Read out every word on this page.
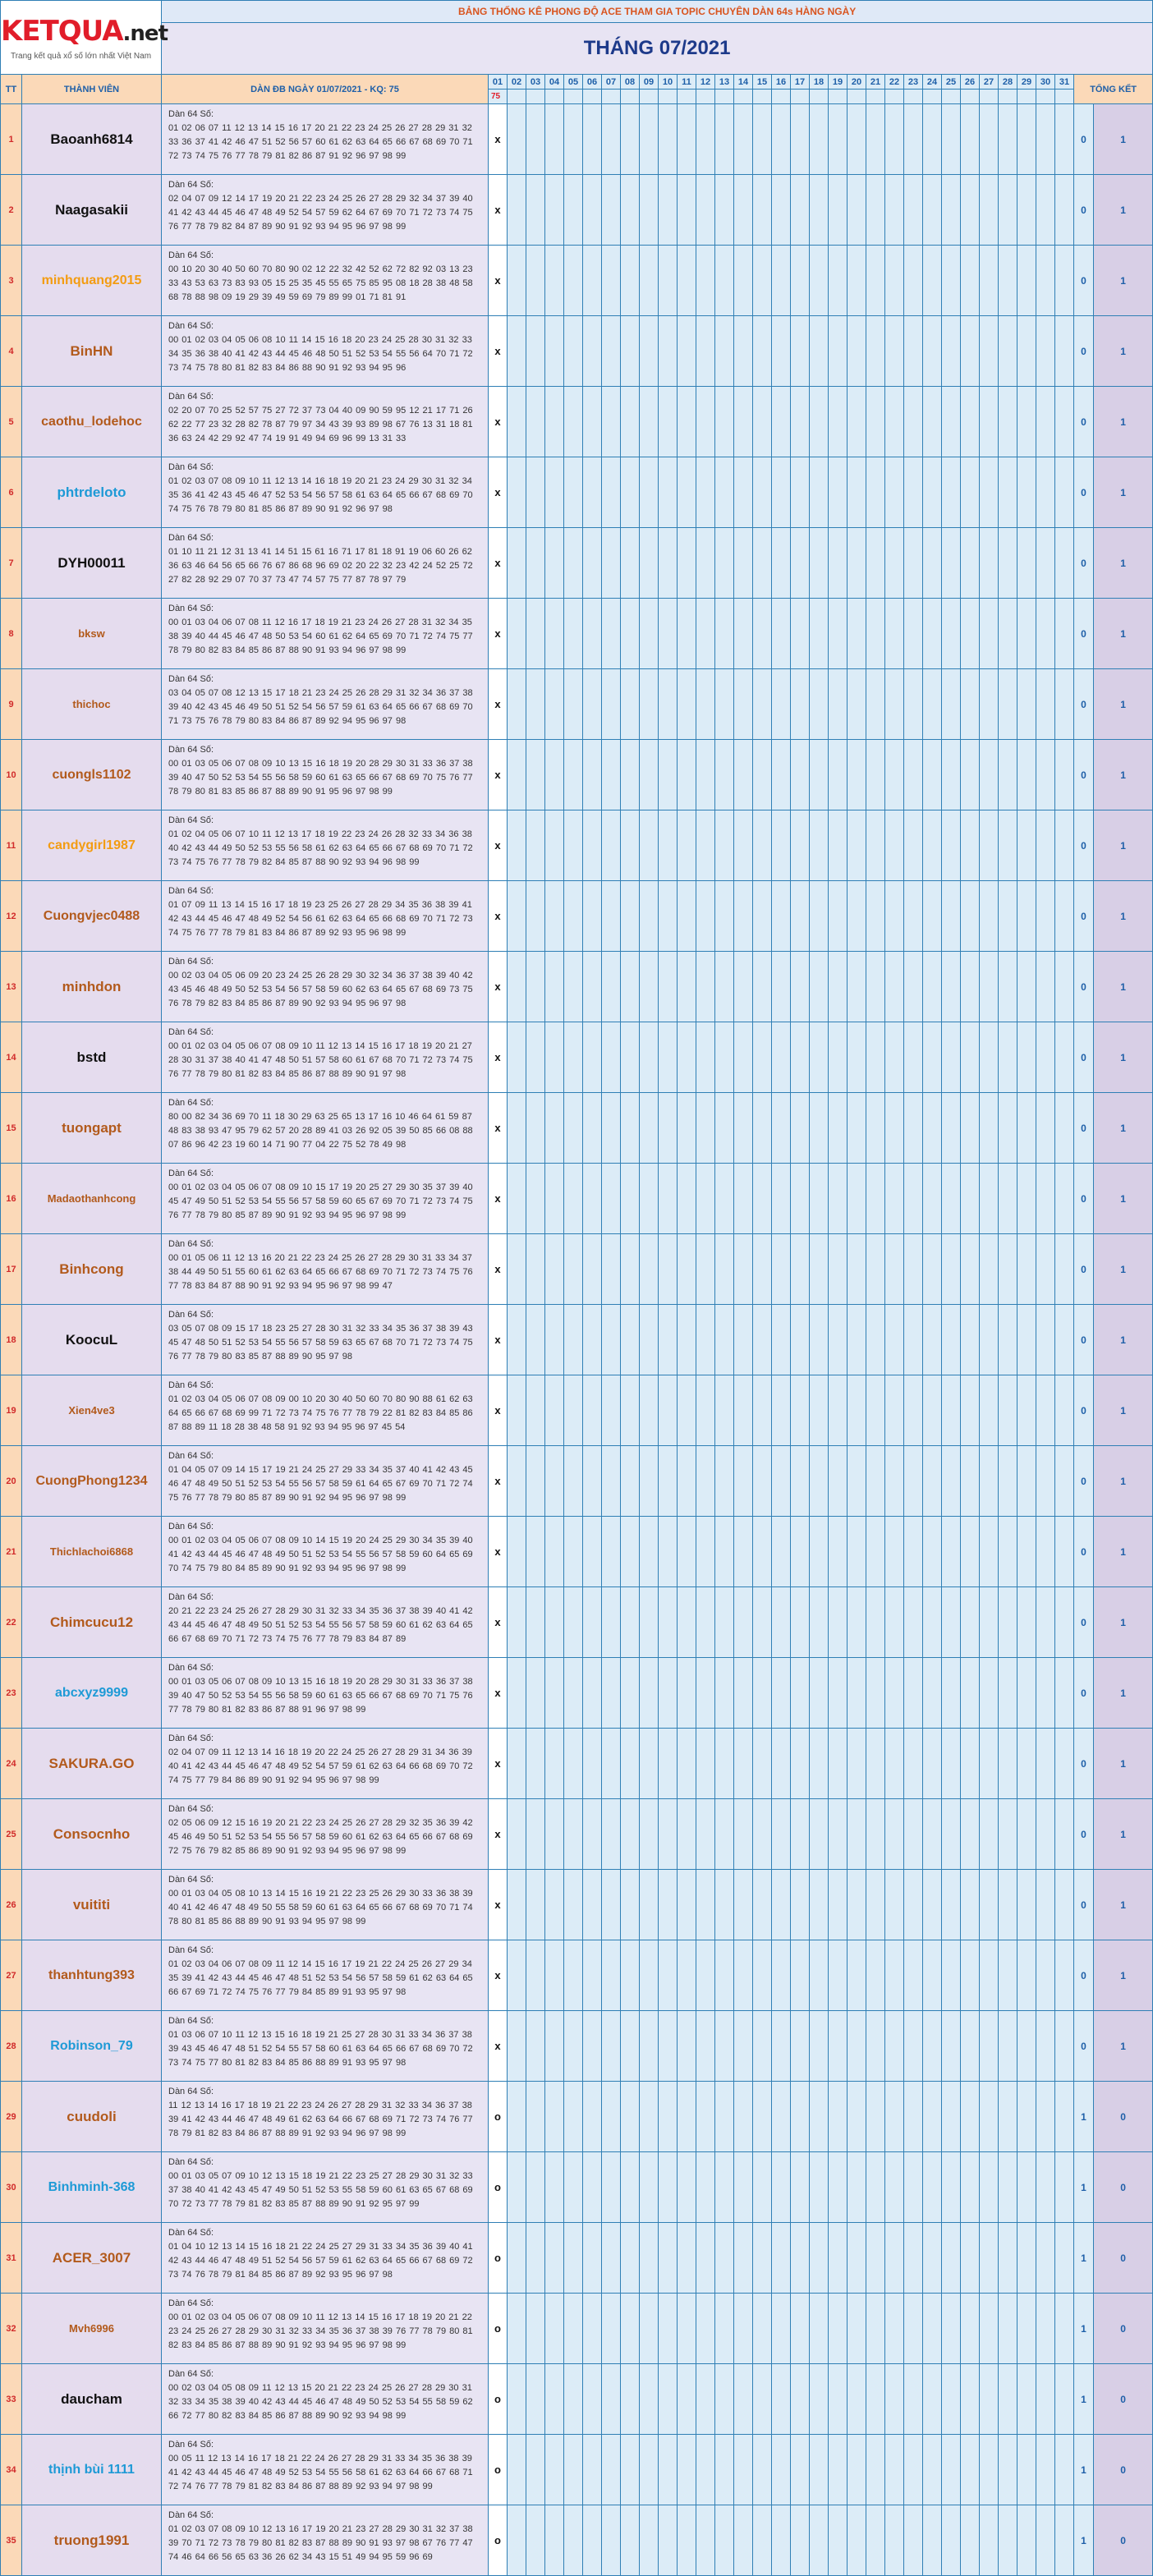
KETQUA.net
Trang kết quả xổ số lớn nhất Việt Nam		BẢNG THỐNG KÊ PHONG ĐỘ ACE THAM GIA TOPIC CHUYÊN DÀN 64s HÀNG NGÀY																																	
		THÁNG 07/2021																																	
TT	THÀNH VIÊN	DÀN ĐB NGÀY 01/07/2021 - KQ: 75	01	02	03	04	05	06	07	08	09	10	11	12	13	14	15	16	17	18	19	20	21	22	23	24	25	26	27	28	29	30	31	TỔNG KẾT	
			75																																
1	Baoanh6814	Dàn 64 Số:
01 02 06 07 11 12 13 14 15 16 17 20 21 22 23 24 25 26 27 28 29 31 32 33 36 37 41 42 46 47 51 52 56 57 60 61 62 63 64 65 66 67 68 69 70 71 72 73 74 75 76 77 78 79 81 82 86 87 91 92 96 97 98 99	x																															0	1
2	Naagasakii	Dàn 64 Số:
02 04 07 09 12 14 17 19 20 21 22 23 24 25 26 27 28 29 32 34 37 39 40 41 42 43 44 45 46 47 48 49 52 54 57 59 62 64 67 69 70 71 72 73 74 75 76 77 78 79 82 84 87 89 90 91 92 93 94 95 96 97 98 99	x																															0	1
3	minhquang2015	Dàn 64 Số:
00 10 20 30 40 50 60 70 80 90 02 12 22 32 42 52 62 72 82 92 03 13 23 33 43 53 63 73 83 93 05 15 25 35 45 55 65 75 85 95 08 18 28 38 48 58 68 78 88 98 09 19 29 39 49 59 69 79 89 99 01 71 81 91	x																															0	1
4	BinHN	Dàn 64 Số:
00 01 02 03 04 05 06 08 10 11 14 15 16 18 20 23 24 25 28 30 31 32 33 34 35 36 38 40 41 42 43 44 45 46 48 50 51 52 53 54 55 56 64 70 71 72 73 74 75 78 80 81 82 83 84 86 88 90 91 92 93 94 95 96	x																															0	1
5	caothu_lodehoc	Dàn 64 Số:
02 20 07 70 25 52 57 75 27 72 37 73 04 40 09 90 59 95 12 21 17 71 26 62 22 77 23 32 28 82 78 87 79 97 34 43 39 93 89 98 67 76 13 31 18 81 36 63 24 42 29 92 47 74 19 91 49 94 69 96 99 13 31 33	x																															0	1
6	phtrdeloto	Dàn 64 Số:
01 02 03 07 08 09 10 11 12 13 14 16 18 19 20 21 23 24 29 30 31 32 34 35 36 41 42 43 45 46 47 52 53 54 56 57 58 61 63 64 65 66 67 68 69 70 74 75 76 78 79 80 81 85 86 87 89 90 91 92 96 97 98	x																															0	1
7	DYH00011	Dàn 64 Số:
01 10 11 21 12 31 13 41 14 51 15 61 16 71 17 81 18 91 19 06 60 26 62 36 63 46 64 56 65 66 76 67 86 68 96 69 02 20 22 32 23 42 24 52 25 72 27 82 28 92 29 07 70 37 73 47 74 57 75 77 87 78 97 79	x																															0	1
8	bksw	Dàn 64 Số:
00 01 03 04 06 07 08 11 12 16 17 18 19 21 23 24 26 27 28 31 32 34 35 38 39 40 44 45 46 47 48 50 53 54 60 61 62 64 65 69 70 71 72 74 75 77 78 79 80 82 83 84 85 86 87 88 90 91 93 94 96 97 98 99	x																															0	1
9	thichoc	Dàn 64 Số:
03 04 05 07 08 12 13 15 17 18 21 23 24 25 26 28 29 31 32 34 36 37 38 39 40 42 43 45 46 49 50 51 52 54 56 57 59 61 63 64 65 66 67 68 69 70 71 73 75 76 78 79 80 83 84 86 87 89 92 94 95 96 97 98	x																															0	1
10	cuongls1102	Dàn 64 Số:
00 01 03 05 06 07 08 09 10 13 15 16 18 19 20 28 29 30 31 33 36 37 38 39 40 47 50 52 53 54 55 56 58 59 60 61 63 65 66 67 68 69 70 75 76 77 78 79 80 81 83 85 86 87 88 89 90 91 95 96 97 98 99	x																															0	1
11	candygirl1987	Dàn 64 Số:
01 02 04 05 06 07 10 11 12 13 17 18 19 22 23 24 26 28 32 33 34 36 38 40 42 43 44 49 50 52 53 55 56 58 61 62 63 64 65 66 67 68 69 70 71 72 73 74 75 76 77 78 79 82 84 85 87 88 90 92 93 94 96 98 99	x																															0	1
12	Cuongvjec0488	Dàn 64 Số:
01 07 09 11 13 14 15 16 17 18 19 23 25 26 27 28 29 34 35 36 38 39 41 42 43 44 45 46 47 48 49 52 54 56 61 62 63 64 65 66 68 69 70 71 72 73 74 75 76 77 78 79 81 83 84 86 87 89 92 93 95 96 98 99	x																															0	1
13	minhdon	Dàn 64 Số:
00 02 03 04 05 06 09 20 23 24 25 26 28 29 30 32 34 36 37 38 39 40 42 43 45 46 48 49 50 52 53 54 56 57 58 59 60 62 63 64 65 67 68 69 73 75 76 78 79 82 83 84 85 86 87 89 90 92 93 94 95 96 97 98	x																															0	1
14	bstd	Dàn 64 Số:
00 01 02 03 04 05 06 07 08 09 10 11 12 13 14 15 16 17 18 19 20 21 27 28 30 31 37 38 40 41 47 48 50 51 57 58 60 61 67 68 70 71 72 73 74 75 76 77 78 79 80 81 82 83 84 85 86 87 88 89 90 91 97 98	x																															0	1
15	tuongapt	Dàn 64 Số:
80 00 82 34 36 69 70 11 18 30 29 63 25 65 13 17 16 10 46 64 61 59 87 48 83 38 93 47 95 79 62 57 20 28 89 41 03 26 92 05 39 50 85 66 08 88 07 86 96 42 23 19 60 14 71 90 77 04 22 75 52 78 49 98	x																															0	1
16	Madaothanhcong	Dàn 64 Số:
00 01 02 03 04 05 06 07 08 09 10 15 17 19 20 25 27 29 30 35 37 39 40 45 47 49 50 51 52 53 54 55 56 57 58 59 60 65 67 69 70 71 72 73 74 75 76 77 78 79 80 85 87 89 90 91 92 93 94 95 96 97 98 99	x																															0	1
17	Binhcong	Dàn 64 Số:
00 01 05 06 11 12 13 16 20 21 22 23 24 25 26 27 28 29 30 31 33 34 37 38 44 49 50 51 55 60 61 62 63 64 65 66 67 68 69 70 71 72 73 74 75 76 77 78 83 84 87 88 90 91 92 93 94 95 96 97 98 99 47	x																															0	1
18	KoocuL	Dàn 64 Số:
03 05 07 08 09 15 17 18 23 25 27 28 30 31 32 33 34 35 36 37 38 39 43 45 47 48 50 51 52 53 54 55 56 57 58 59 63 65 67 68 70 71 72 73 74 75 76 77 78 79 80 83 85 87 88 89 90 95 97 98	x																															0	1
19	Xien4ve3	Dàn 64 Số:
01 02 03 04 05 06 07 08 09 00 10 20 30 40 50 60 70 80 90 88 61 62 63 64 65 66 67 68 69 99 71 72 73 74 75 76 77 78 79 22 81 82 83 84 85 86 87 88 89 11 18 28 38 48 58 91 92 93 94 95 96 97 45 54	x																															0	1
20	CuongPhong1234	Dàn 64 Số:
01 04 05 07 09 14 15 17 19 21 24 25 27 29 33 34 35 37 40 41 42 43 45 46 47 48 49 50 51 52 53 54 55 56 57 58 59 61 64 65 67 69 70 71 72 74 75 76 77 78 79 80 85 87 89 90 91 92 94 95 96 97 98 99	x																															0	1
21	Thichlachoi6868	Dàn 64 Số:
00 01 02 03 04 05 06 07 08 09 10 14 15 19 20 24 25 29 30 34 35 39 40 41 42 43 44 45 46 47 48 49 50 51 52 53 54 55 56 57 58 59 60 64 65 69 70 74 75 79 80 84 85 89 90 91 92 93 94 95 96 97 98 99	x																															0	1
22	Chimcucu12	Dàn 64 Số:
20 21 22 23 24 25 26 27 28 29 30 31 32 33 34 35 36 37 38 39 40 41 42 43 44 45 46 47 48 49 50 51 52 53 54 55 56 57 58 59 60 61 62 63 64 65 66 67 68 69 70 71 72 73 74 75 76 77 78 79 83 84 87 89	x																															0	1
23	abcxyz9999	Dàn 64 Số:
00 01 03 05 06 07 08 09 10 13 15 16 18 19 20 28 29 30 31 33 36 37 38 39 40 47 50 52 53 54 55 56 58 59 60 61 63 65 66 67 68 69 70 71 75 76 77 78 79 80 81 82 83 86 87 88 91 96 97 98 99	x																															0	1
24	SAKURA.GO	Dàn 64 Số:
02 04 07 09 11 12 13 14 16 18 19 20 22 24 25 26 27 28 29 31 34 36 39 40 41 42 43 44 45 46 47 48 49 52 54 57 59 61 62 63 64 66 68 69 70 72 74 75 77 79 84 86 89 90 91 92 94 95 96 97 98 99	x																															0	1
25	Consocnho	Dàn 64 Số:
02 05 06 09 12 15 16 19 20 21 22 23 24 25 26 27 28 29 32 35 36 39 42 45 46 49 50 51 52 53 54 55 56 57 58 59 60 61 62 63 64 65 66 67 68 69 72 75 76 79 82 85 86 89 90 91 92 93 94 95 96 97 98 99	x																															0	1
26	vuititi	Dàn 64 Số:
00 01 03 04 05 08 10 13 14 15 16 19 21 22 23 25 26 29 30 33 36 38 39 40 41 42 46 47 48 49 50 55 58 59 60 61 63 64 65 66 67 68 69 70 71 74 78 80 81 85 86 88 89 90 91 93 94 95 97 98 99	x																															0	1
27	thanhtung393	Dàn 64 Số:
01 02 03 04 06 07 08 09 11 12 14 15 16 17 19 21 22 24 25 26 27 29 34 35 39 41 42 43 44 45 46 47 48 51 52 53 54 56 57 58 59 61 62 63 64 65 66 67 69 71 72 74 75 76 77 79 84 85 89 91 93 95 97 98	x																															0	1
28	Robinson_79	Dàn 64 Số:
01 03 06 07 10 11 12 13 15 16 18 19 21 25 27 28 30 31 33 34 36 37 38 39 43 45 46 47 48 51 52 54 55 57 58 60 61 63 64 65 66 67 68 69 70 72 73 74 75 77 80 81 82 83 84 85 86 88 89 91 93 95 97 98	x																															0	1
29	cuudoli	Dàn 64 Số:
11 12 13 14 16 17 18 19 21 22 23 24 26 27 28 29 31 32 33 34 36 37 38 39 41 42 43 44 46 47 48 49 61 62 63 64 66 67 68 69 71 72 73 74 76 77 78 79 81 82 83 84 86 87 88 89 91 92 93 94 96 97 98 99	o																															1	0
30	Binhminh-368	Dàn 64 Số:
00 01 03 05 07 09 10 12 13 15 18 19 21 22 23 25 27 28 29 30 31 32 33 37 38 40 41 42 43 45 47 49 50 51 52 53 55 58 59 60 61 63 65 67 68 69 70 72 73 77 78 79 81 82 83 85 87 88 89 90 91 92 95 97 99	o																															1	0
31	ACER_3007	Dàn 64 Số:
01 04 10 12 13 14 15 16 18 21 22 24 25 27 29 31 33 34 35 36 39 40 41 42 43 44 46 47 48 49 51 52 54 56 57 59 61 62 63 64 65 66 67 68 69 72 73 74 76 78 79 81 84 85 86 87 89 92 93 95 96 97 98	o																															1	0
32	Mvh6996	Dàn 64 Số:
00 01 02 03 04 05 06 07 08 09 10 11 12 13 14 15 16 17 18 19 20 21 22 23 24 25 26 27 28 29 30 31 32 33 34 35 36 37 38 39 76 77 78 79 80 81 82 83 84 85 86 87 88 89 90 91 92 93 94 95 96 97 98 99	o																															1	0
33	daucham	Dàn 64 Số:
00 02 03 04 05 08 09 11 12 13 15 20 21 22 23 24 25 26 27 28 29 30 31 32 33 34 35 38 39 40 42 43 44 45 46 47 48 49 50 52 53 54 55 58 59 62 66 72 77 80 82 83 84 85 86 87 88 89 90 92 93 94 98 99	o																															1	0
34	thịnh bùi 1111	Dàn 64 Số:
00 05 11 12 13 14 16 17 18 21 22 24 26 27 28 29 31 33 34 35 36 38 39 41 42 43 44 45 46 47 48 49 52 53 54 55 56 58 61 62 63 64 66 67 68 71 72 74 76 77 78 79 81 82 83 84 86 87 88 89 92 93 94 97 98 99	o																															1	0
35	truong1991	Dàn 64 Số:
01 02 03 07 08 09 10 12 13 16 17 19 20 21 23 27 28 29 30 31 32 37 38 39 70 71 72 73 78 79 80 81 82 83 87 88 89 90 91 93 97 98 67 76 77 47 74 46 64 66 56 65 63 36 26 62 34 43 15 51 49 94 95 59 96 69	o																															1	0
